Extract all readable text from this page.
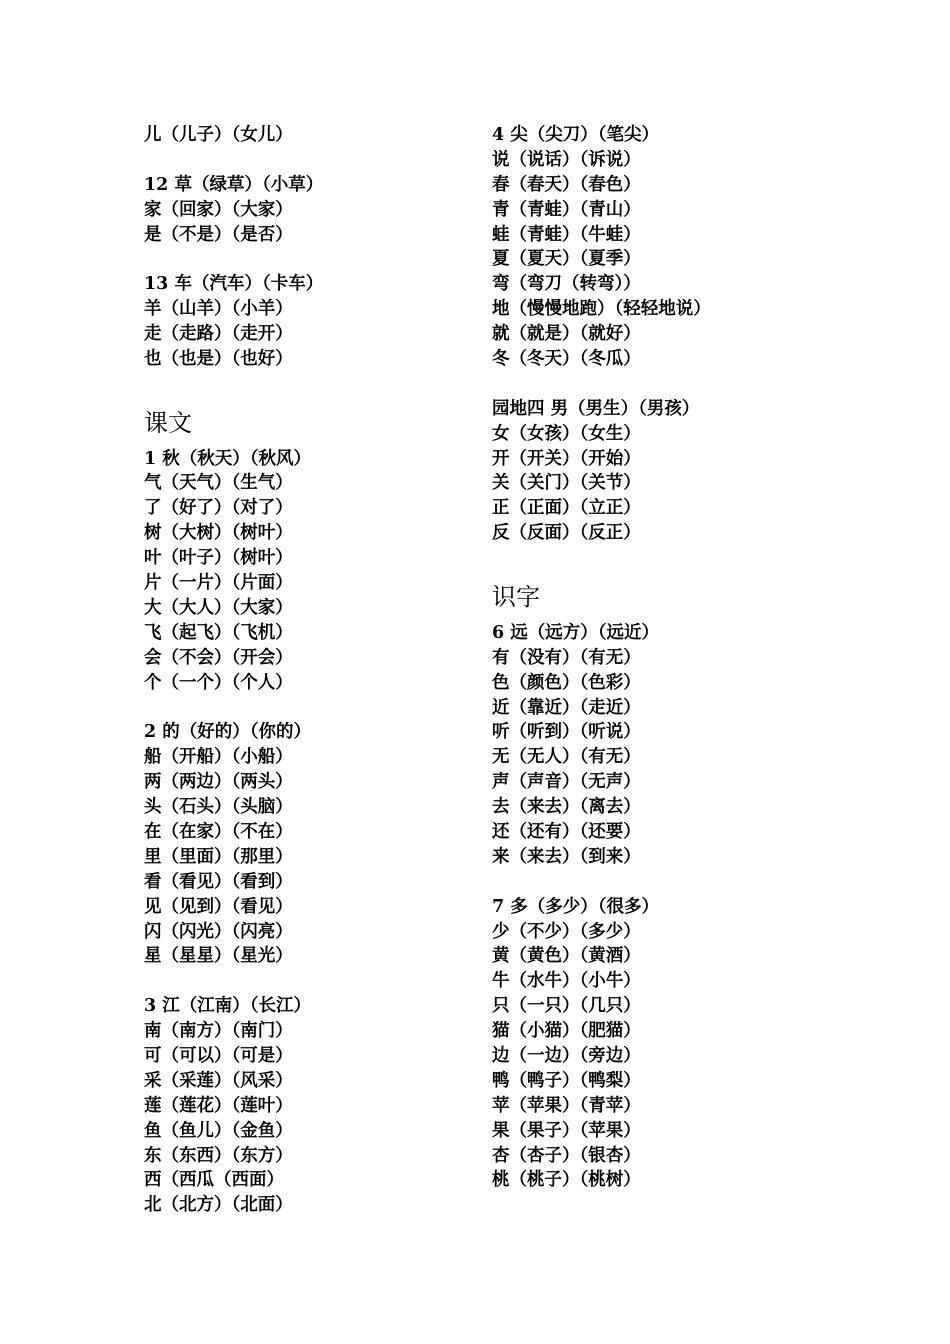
儿（儿子）（女儿）
12 草（绿草）（小草）
家（回家）（大家）
是（不是）（是否）
13 车（汽车）（卡车）
羊（山羊）（小羊）
走（走路）（走开）
也（也是）（也好）
课文
1 秋（秋天）（秋风）
气（天气）（生气）
了（好了）（对了）
树（大树）（树叶）
叶（叶子）（树叶）
片（一片）（片面）
大（大人）（大家）
飞（起飞）（飞机）
会（不会）（开会）
个（一个）（个人）
2 的（好的）（你的）
船（开船）（小船）
两（两边）（两头）
头（石头）（头脑）
在（在家）（不在）
里（里面）（那里）
看（看见）（看到）
见（见到）（看见）
闪（闪光）（闪亮）
星（星星）（星光）
3 江（江南）（长江）
南（南方）（南门）
可（可以）（可是）
采（采莲）（风采）
莲（莲花）（莲叶）
鱼（鱼儿）（金鱼）
东（东西）（东方）
西（西瓜（西面）
北（北方）（北面）
4 尖（尖刀）（笔尖）
说（说话）（诉说）
春（春天）（春色）
青（青蛙）（青山）
蛙（青蛙）（牛蛙）
夏（夏天）（夏季）
弯（弯刀（转弯））
地（慢慢地跑）（轻轻地说）
就（就是）（就好）
冬（冬天）（冬瓜）
园地四 男（男生）（男孩）
女（女孩）（女生）
开（开关）（开始）
关（关门）（关节）
正（正面）（立正）
反（反面）（反正）
识字
6 远（远方）（远近）
有（没有）（有无）
色（颜色）（色彩）
近（靠近）（走近）
听（听到）（听说）
无（无人）（有无）
声（声音）（无声）
去（来去）（离去）
还（还有）（还要）
来（来去）（到来）
7 多（多少）（很多）
少（不少）（多少）
黄（黄色）（黄酒）
牛（水牛）（小牛）
只（一只）（几只）
猫（小猫）（肥猫）
边（一边）（旁边）
鸭（鸭子）（鸭梨）
苹（苹果）（青苹）
果（果子）（苹果）
杏（杏子）（银杏）
桃（桃子）（桃树）
